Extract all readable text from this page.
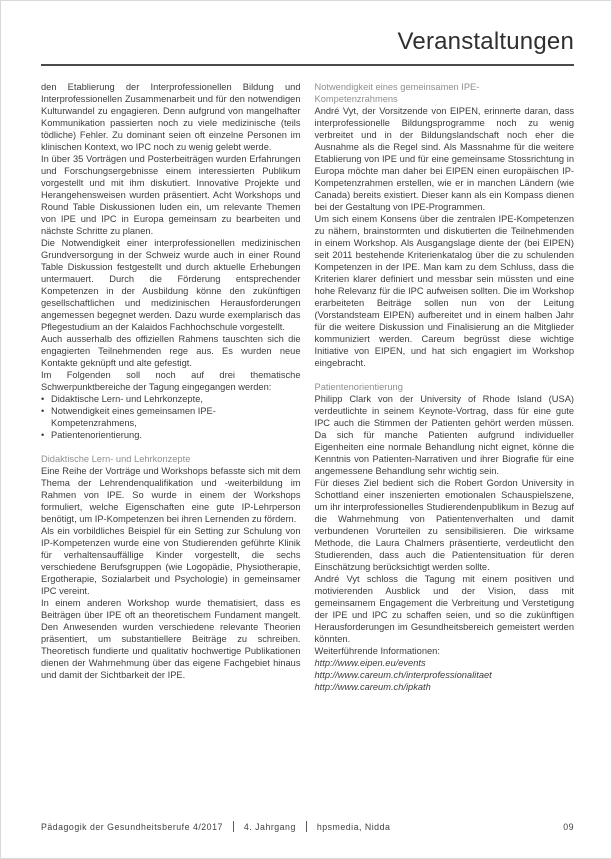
Veranstaltungen

den Etablierung der Interprofessionellen Bildung und Interprofessionellen Zusammenarbeit und für den notwendigen Kulturwandel zu engagieren. Denn aufgrund von mangelhafter Kommunikation passierten noch zu viele medizinische (teils tödliche) Fehler. Zu dominant seien oft einzelne Personen im klinischen Kontext, wo IPC noch zu wenig gelebt werde.

In über 35 Vorträgen und Posterbeiträgen wurden Erfahrungen und Forschungsergebnisse einem interessierten Publikum vorgestellt und mit ihm diskutiert. Innovative Projekte und Herangehensweisen wurden präsentiert. Acht Workshops und Round Table Diskussionen luden ein, um relevante Themen von IPE und IPC in Europa gemeinsam zu bearbeiten und nächste Schritte zu planen.

Die Notwendigkeit einer interprofessionellen medizinischen Grundversorgung in der Schweiz wurde auch in einer Round Table Diskussion festgestellt und durch aktuelle Erhebungen untermauert. Durch die Förderung entsprechender Kompetenzen in der Ausbildung könne den zukünftigen gesellschaftlichen und medizinischen Herausforderungen angemessen begegnet werden. Dazu wurde exemplarisch das Pflegestudium an der Kalaidos Fachhochschule vorgestellt.

Auch ausserhalb des offiziellen Rahmens tauschten sich die engagierten Teilnehmenden rege aus. Es wurden neue Kontakte geknüpft und alte gefestigt.

Im Folgenden soll noch auf drei thematische Schwerpunktbereiche der Tagung eingegangen werden:

• Didaktische Lern- und Lehrkonzepte,
• Notwendigkeit eines gemeinsamen IPE-Kompetenzrahmens,
• Patientenorientierung.
Didaktische Lern- und Lehrkonzepte

Eine Reihe der Vorträge und Workshops befasste sich mit dem Thema der Lehrendenqualifikation und -weiterbildung im Rahmen von IPE. So wurde in einem der Workshops formuliert, welche Eigenschaften eine gute IP-Lehrperson benötigt, um IP-Kompetenzen bei ihren Lernenden zu fördern.

Als ein vorbildliches Beispiel für ein Setting zur Schulung von IP-Kompetenzen wurde eine von Studierenden geführte Klinik für verhaltensauffällige Kinder vorgestellt, die sechs verschiedene Berufsgruppen (wie Logopädie, Physiotherapie, Ergotherapie, Sozialarbeit und Psychologie) in gemeinsamer IPC vereint.

In einem anderen Workshop wurde thematisiert, dass es Beiträgen über IPE oft an theoretischem Fundament mangelt. Den Anwesenden wurden verschiedene relevante Theorien präsentiert, um substantiellere Beiträge zu schreiben. Theoretisch fundierte und qualitativ hochwertige Publikationen dienen der Wahrnehmung über das eigene Fachgebiet hinaus und damit der Sichtbarkeit der IPE.

Notwendigkeit eines gemeinsamen IPE-Kompetenzrahmens

André Vyt, der Vorsitzende von EIPEN, erinnerte daran, dass interprofessionelle Bildungsprogramme noch zu wenig verbreitet und in der Bildungslandschaft noch eher die Ausnahme als die Regel sind. Als Massnahme für die weitere Etablierung von IPE und für eine gemeinsame Stossrichtung in Europa möchte man daher bei EIPEN einen europäischen IP-Kompetenzrahmen erstellen, wie er in manchen Ländern (wie Canada) bereits existiert. Dieser kann als ein Kompass dienen bei der Gestaltung von IPE-Programmen.

Um sich einem Konsens über die zentralen IPE-Kompetenzen zu nähern, brainstormten und diskutierten die Teilnehmenden in einem Workshop. Als Ausgangslage diente der (bei EIPEN) seit 2011 bestehende Kriterienkatalog über die zu schulenden Kompetenzen in der IPE. Man kam zu dem Schluss, dass die Kriterien klarer definiert und messbar sein müssten und eine hohe Relevanz für die IPC aufweisen sollten. Die im Workshop erarbeiteten Beiträge sollen nun von der Leitung (Vorstandsteam EIPEN) aufbereitet und in einem halben Jahr für die weitere Diskussion und Finalisierung an die Mitglieder kommuniziert werden. Careum begrüsst diese wichtige Initiative von EIPEN, und hat sich engagiert im Workshop eingebracht.

Patientenorientierung

Philipp Clark von der University of Rhode Island (USA) verdeutlichte in seinem Keynote-Vortrag, dass für eine gute IPC auch die Stimmen der Patienten gehört werden müssen. Da sich für manche Patienten aufgrund individueller Eigenheiten eine normale Behandlung nicht eignet, könne die Kenntnis von Patienten-Narrativen und ihrer Biografie für eine angemessene Behandlung sehr wichtig sein.

Für dieses Ziel bedient sich die Robert Gordon University in Schottland einer inszenierten emotionalen Schauspielszene, um ihr interprofessionelles Studierendenpublikum in Bezug auf die Wahrnehmung von Patientenverhalten und damit verbundenen Vorurteilen zu sensibilisieren. Die wirksame Methode, die Laura Chalmers präsentierte, verdeutlicht den Studierenden, dass auch die Patientensituation für deren Einschätzung berücksichtigt werden sollte.

André Vyt schloss die Tagung mit einem positiven und motivierenden Ausblick und der Vision, dass mit gemeinsamem Engagement die Verbreitung und Verstetigung der IPE und IPC zu schaffen seien, und so die zukünftigen Herausforderungen im Gesundheitsbereich gemeistert werden könnten.

Weiterführende Informationen:

http://www.eipen.eu/events
http://www.careum.ch/interprofessionalitaet
http://www.careum.ch/ipkath
Pädagogik der Gesundheitsberufe 4/2017 4. Jahrgang hpsmedia, Nidda	09
